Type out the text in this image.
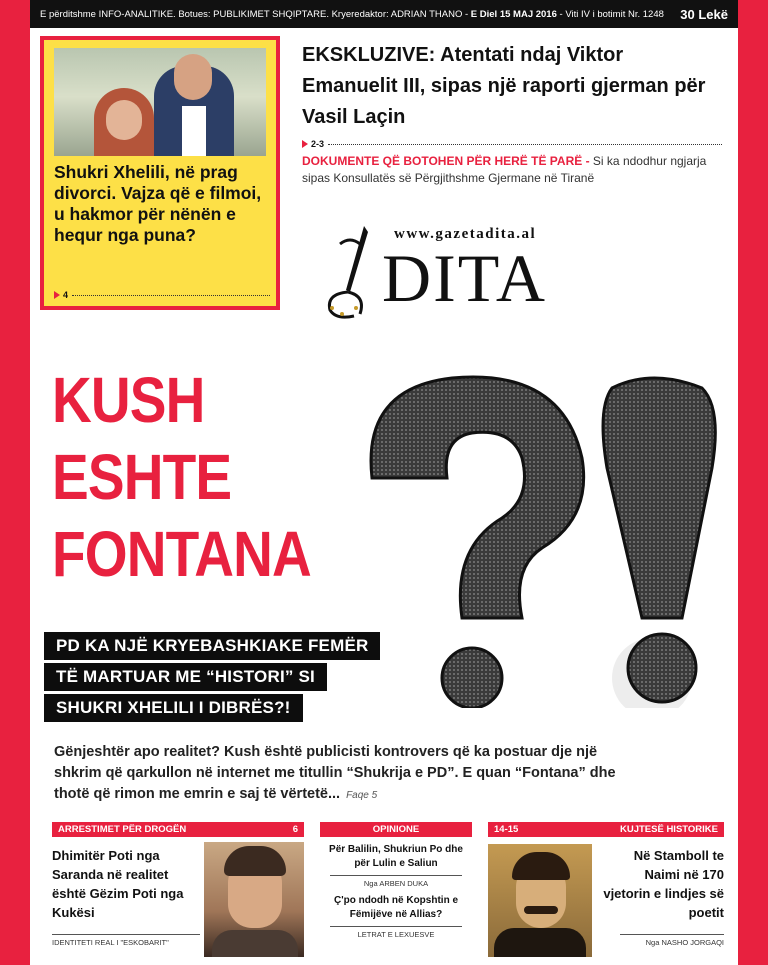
E përditshme INFO-ANALITIKE. Botues: PUBLIKIMET SHQIPTARE. Kryeredaktor: ADRIAN THANO - E Diel 15 MAJ 2016 - Viti IV i botimit Nr. 1248	30 Lekë
Shukri Xhelili, në prag divorci. Vajza që e filmoi, u hakmor për nënën e hequr nga puna?
4
EKSKLUZIVE: Atentati ndaj Viktor Emanuelit III, sipas një raporti gjerman për Vasil Laçin
2-3
DOKUMENTE QË BOTOHEN PËR HERË TË PARË - Si ka ndodhur ngjarja sipas Konsullatës së Përgjithshme Gjermane në Tiranë
www.gazetadita.al
DITA
KUSH
ESHTE
FONTANA
PD KA NJË KRYEBASHKIAKE FEMËR
TË MARTUAR ME “HISTORI” SI
SHUKRI XHELILI I DIBRËS?!
Gënjeshtër apo realitet? Kush është publicisti kontrovers që ka postuar dje një shkrim që qarkullon në internet me titullin “Shukrija e PD”. E quan “Fontana” dhe thotë që rimon me emrin e saj të vërtetë... Faqe 5
ARRESTIMET PËR DROGËN	6
Dhimitër Poti nga Saranda në realitet është Gëzim Poti nga Kukësi
IDENTITETI REAL I "ESKOBARIT"
OPINIONE
Për Balilin, Shukriun Po dhe për Lulin e Saliun
Nga ARBEN DUKA
Ç'po ndodh në Kopshtin e Fëmijëve në Allias?
LETRAT E LEXUESVE
14-15	KUJTESË HISTORIKE
Në Stamboll te Naimi në 170 vjetorin e lindjes së poetit
Nga NASHO JORGAQI
